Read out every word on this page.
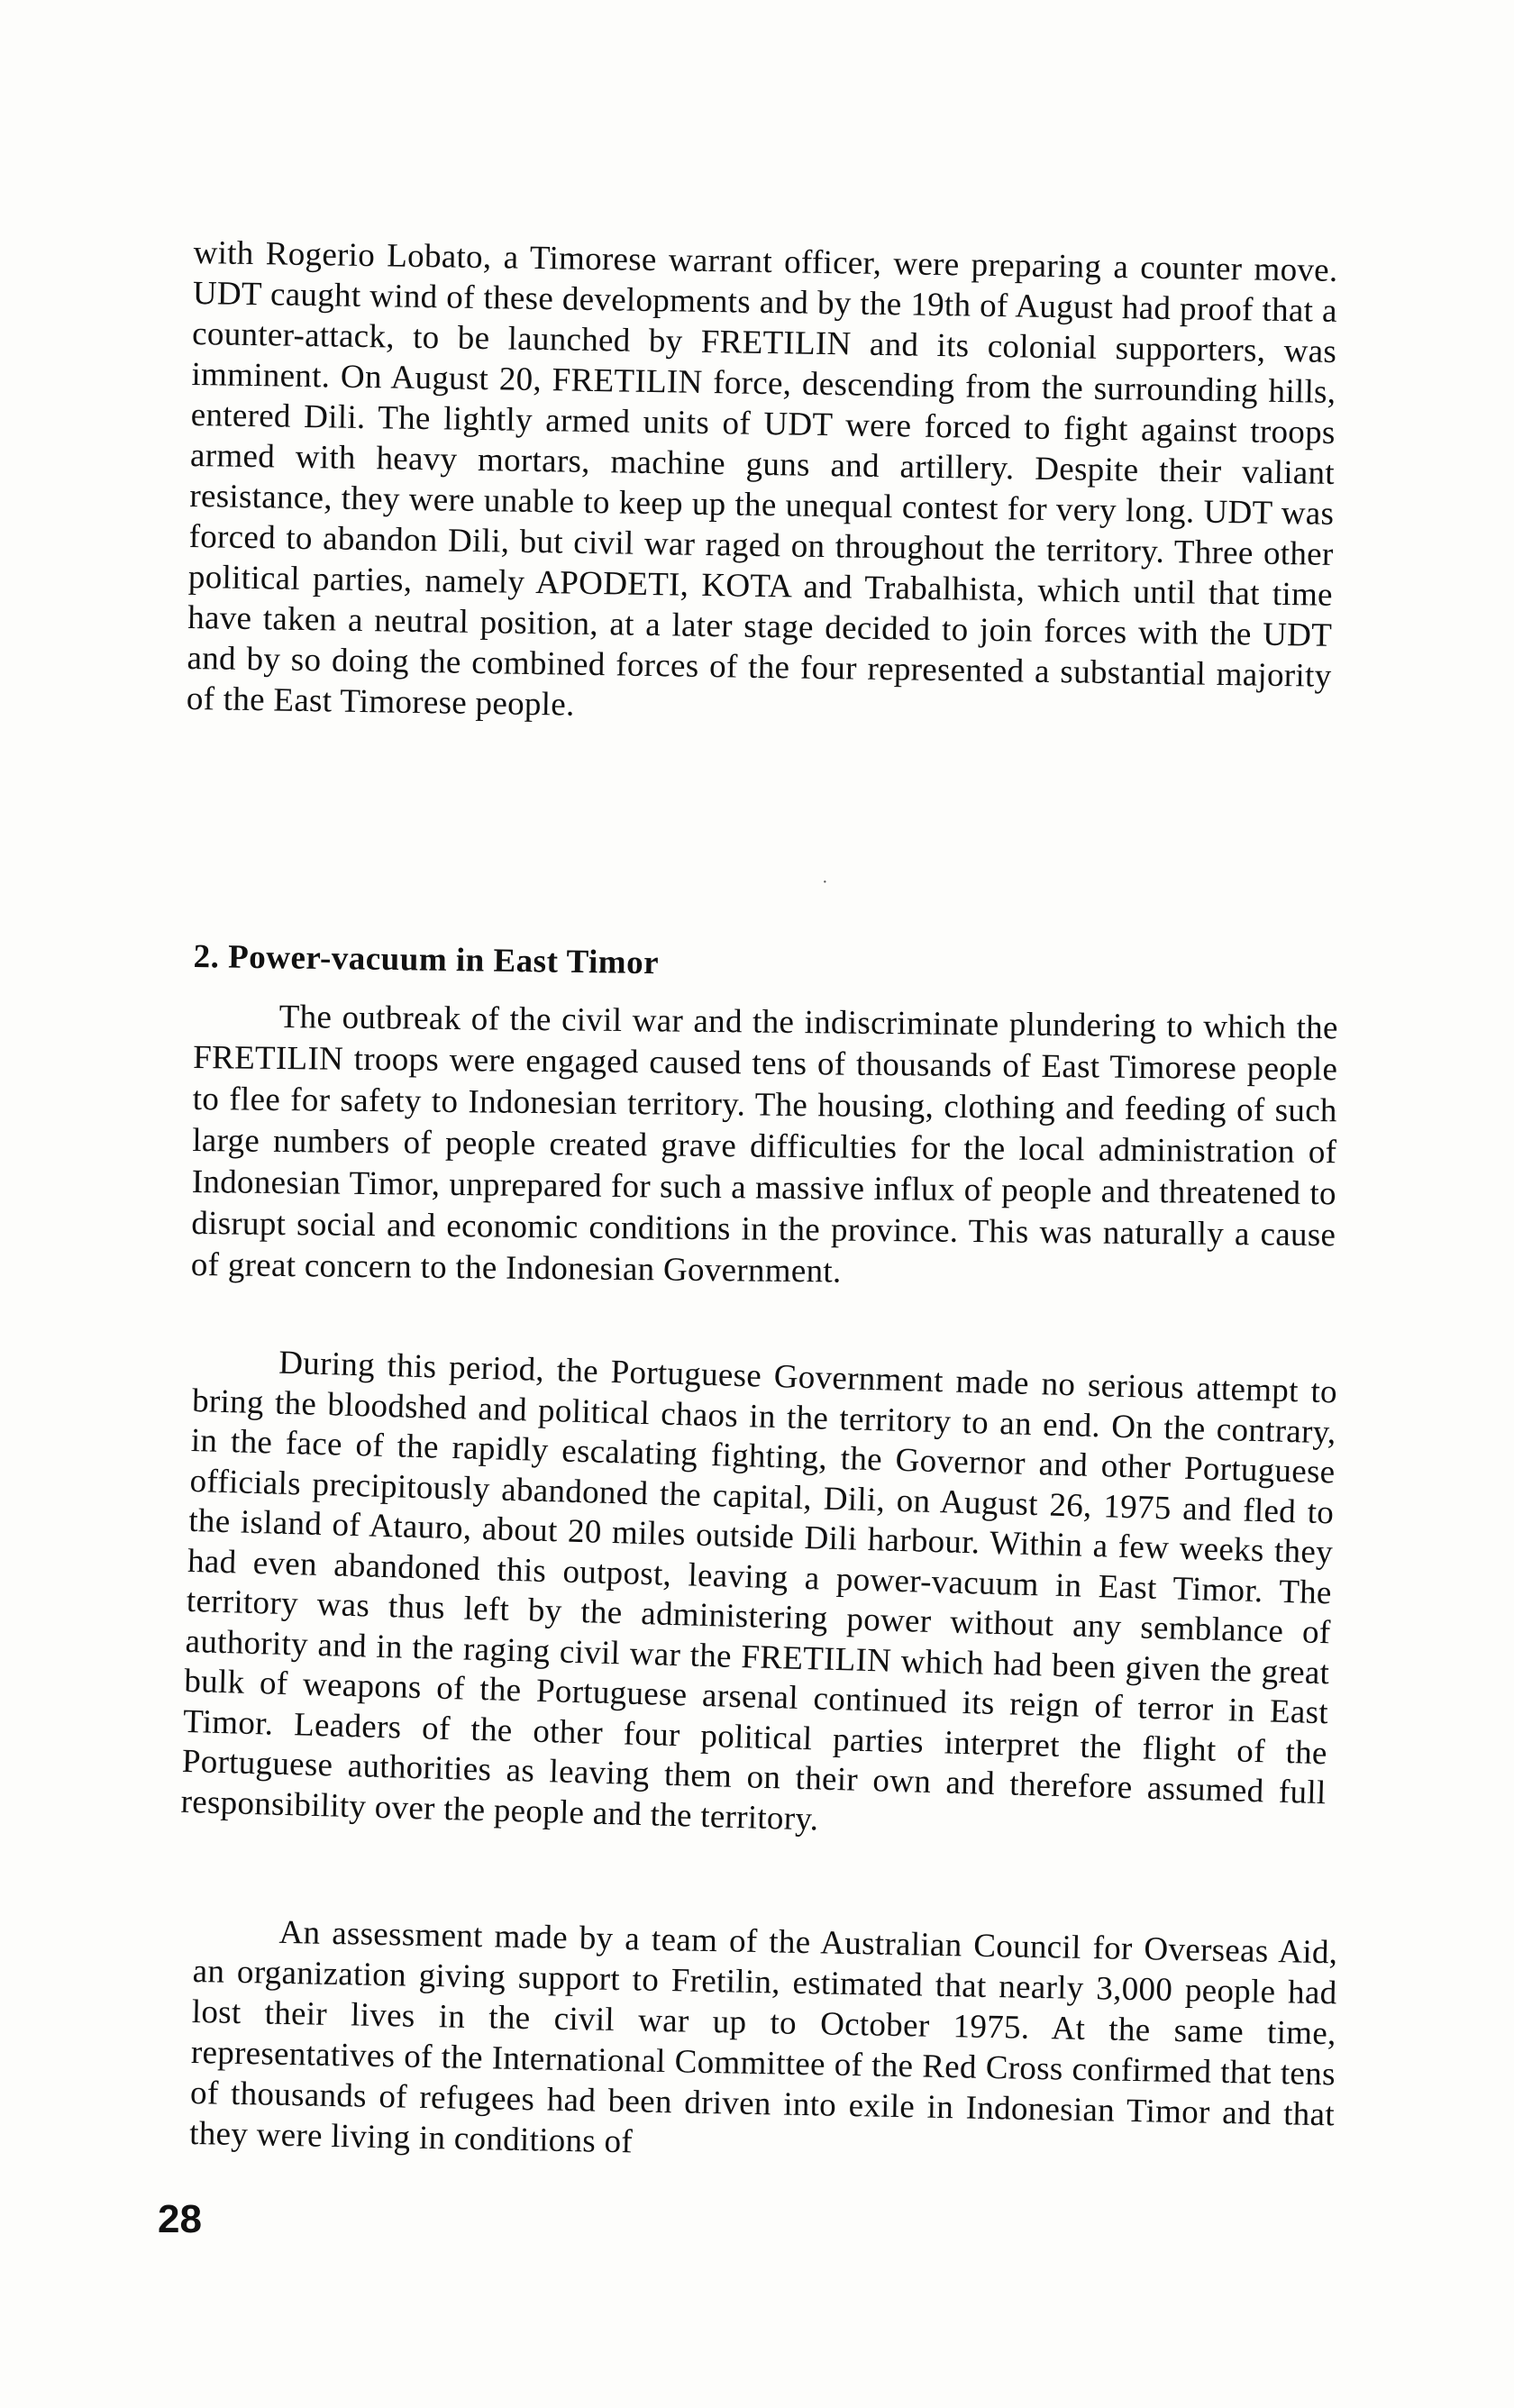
with Rogerio Lobato, a Timorese warrant officer, were preparing a counter move. UDT caught wind of these developments and by the 19th of August had proof that a counter-attack, to be launched by FRETILIN and its colonial supporters, was imminent. On August 20, FRETILIN force, descending from the surrounding hills, entered Dili. The lightly armed units of UDT were forced to fight against troops armed with heavy mortars, machine guns and artillery. Despite their valiant resistance, they were unable to keep up the unequal contest for very long. UDT was forced to abandon Dili, but civil war raged on throughout the territory. Three other political parties, namely APODETI, KOTA and Trabalhista, which until that time have taken a neutral position, at a later stage decided to join forces with the UDT and by so doing the combined forces of the four represented a substantial majority of the East Timorese people.

·
2. Power-vacuum in East Timor

The outbreak of the civil war and the indiscriminate plundering to which the FRETILIN troops were engaged caused tens of thousands of East Timorese people to flee for safety to Indonesian territory. The housing, clothing and feeding of such large numbers of people created grave difficulties for the local administration of Indonesian Timor, unprepared for such a massive influx of people and threatened to disrupt social and economic conditions in the province. This was naturally a cause of great concern to the Indonesian Government.

During this period, the Portuguese Government made no serious attempt to bring the bloodshed and political chaos in the territory to an end. On the contrary, in the face of the rapidly escalating fighting, the Governor and other Portuguese officials precipitously abandoned the capital, Dili, on August 26, 1975 and fled to the island of Atauro, about 20 miles outside Dili harbour. Within a few weeks they had even abandoned this outpost, leaving a power-vacuum in East Timor. The territory was thus left by the administering power without any semblance of authority and in the raging civil war the FRETILIN which had been given the great bulk of weapons of the Portuguese arsenal continued its reign of terror in East Timor. Leaders of the other four political parties interpret the flight of the Portuguese authorities as leaving them on their own and therefore assumed full responsibility over the people and the territory.

An assessment made by a team of the Australian Council for Overseas Aid, an organization giving support to Fretilin, estimated that nearly 3,000 people had lost their lives in the civil war up to October 1975. At the same time, representatives of the International Committee of the Red Cross confirmed that tens of thousands of refugees had been driven into exile in Indonesian Timor and that they were living in conditions of

28
